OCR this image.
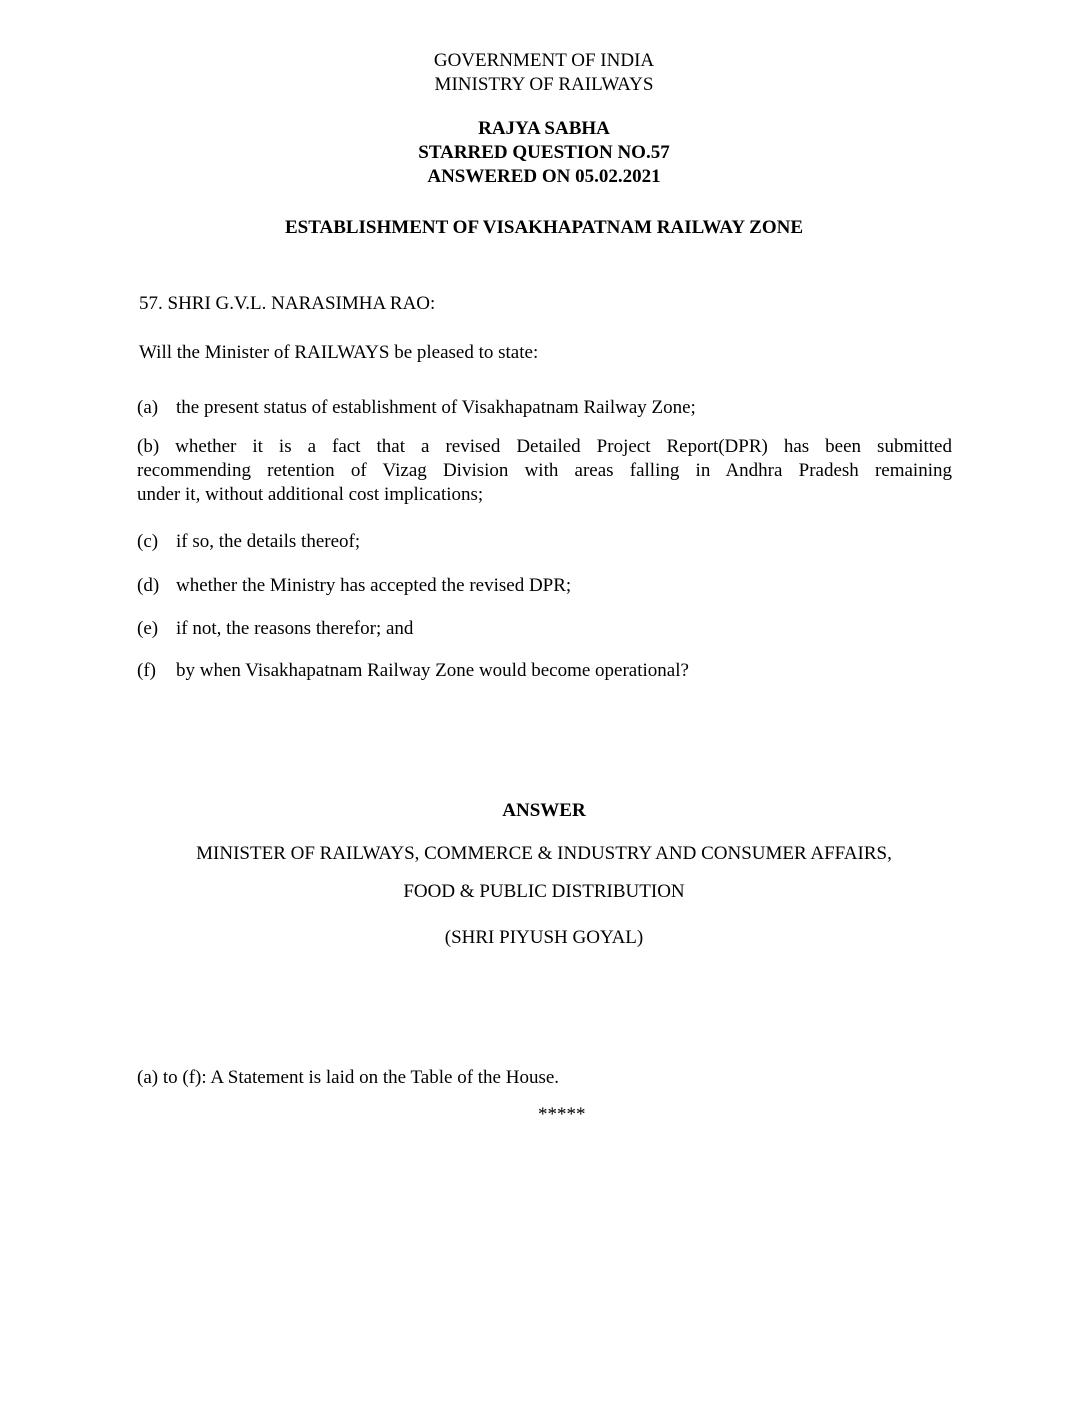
GOVERNMENT OF INDIA
MINISTRY OF RAILWAYS
RAJYA SABHA
STARRED QUESTION NO.57
ANSWERED ON 05.02.2021
ESTABLISHMENT OF VISAKHAPATNAM RAILWAY ZONE
57. SHRI G.V.L. NARASIMHA RAO:
Will the Minister of RAILWAYS be pleased to state:
(a) the present status of establishment of Visakhapatnam Railway Zone;
(b) whether it is a fact that a revised Detailed Project Report(DPR) has been submitted
recommending retention of Vizag Division with areas falling in Andhra Pradesh remaining
under it, without additional cost implications;
(c) if so, the details thereof;
(d) whether the Ministry has accepted the revised DPR;
(e) if not, the reasons therefor; and
(f) by when Visakhapatnam Railway Zone would become operational?
ANSWER
MINISTER OF RAILWAYS, COMMERCE & INDUSTRY AND CONSUMER AFFAIRS,
FOOD & PUBLIC DISTRIBUTION
(SHRI PIYUSH GOYAL)
(a) to (f): A Statement is laid on the Table of the House.
*****
